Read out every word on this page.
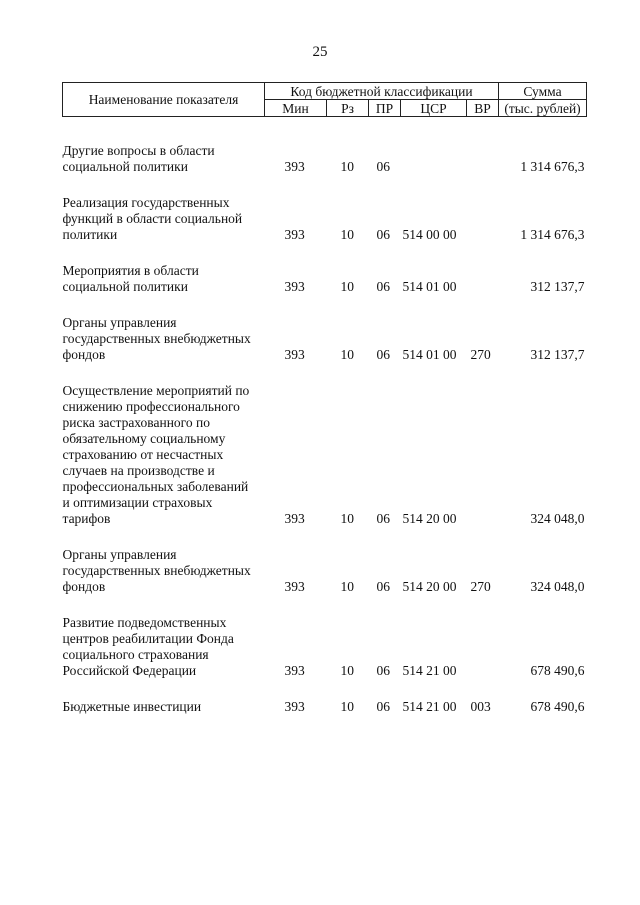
25
Наименование показателя	Код бюджетной классификации					Сумма
	Мин	Рз	ПР	ЦСР	ВР	(тыс. рублей)

Другие вопросы в области социальной политики	393	10	06			1 314 676,3

Реализация государственных функций в области социальной политики	393	10	06	514 00 00		1 314 676,3

Мероприятия в области социальной политики	393	10	06	514 01 00		312 137,7

Органы управления государственных внебюджетных фондов	393	10	06	514 01 00	270	312 137,7

Осуществление мероприятий по снижению профессионального риска застрахованного по обязательному социальному страхованию от несчастных случаев на производстве и профессиональных заболеваний и оптимизации страховых тарифов	393	10	06	514 20 00		324 048,0

Органы управления государственных внебюджетных фондов	393	10	06	514 20 00	270	324 048,0

Развитие подведомственных центров реабилитации Фонда социального страхования Российской Федерации	393	10	06	514 21 00		678 490,6

Бюджетные инвестиции	393	10	06	514 21 00	003	678 490,6
